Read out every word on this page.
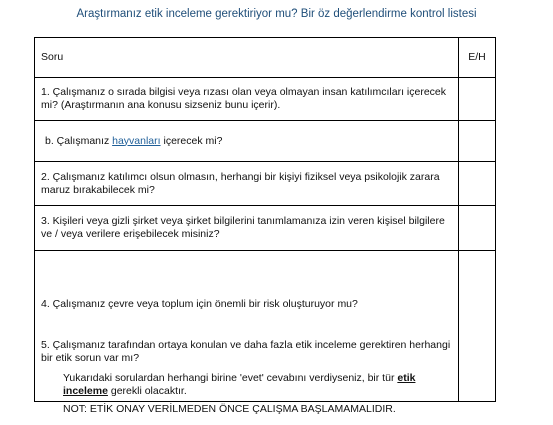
Araştırmanız etik inceleme gerektiriyor mu? Bir öz değerlendirme kontrol listesi
Soru	E/H
1. Çalışmanız o sırada bilgisi veya rızası olan veya olmayan insan katılımcıları içerecek mi? (Araştırmanın ana konusu sizseniz bunu içerir).	
b. Çalışmanız hayvanları içerecek mi?	
2. Çalışmanız katılımcı olsun olmasın, herhangi bir kişiyi fiziksel veya psikolojik zarara maruz bırakabilecek mi?	
3. Kişileri veya gizli şirket veya şirket bilgilerini tanımlamanıza izin veren kişisel bilgilere ve / veya verilere erişebilecek misiniz?	

4. Çalışmanız çevre veya toplum için önemli bir risk oluşturuyor mu?
5. Çalışmanız tarafından ortaya konulan ve daha fazla etik inceleme gerektiren herhangi bir etik sorun var mı?	

Yukarıdaki sorulardan herhangi birine 'evet' cevabını verdiyseniz, bir tür etik inceleme gerekli olacaktır.
NOT: ETİK ONAY VERİLMEDEN ÖNCE ÇALIŞMA BAŞLAMAMALIDIR.
